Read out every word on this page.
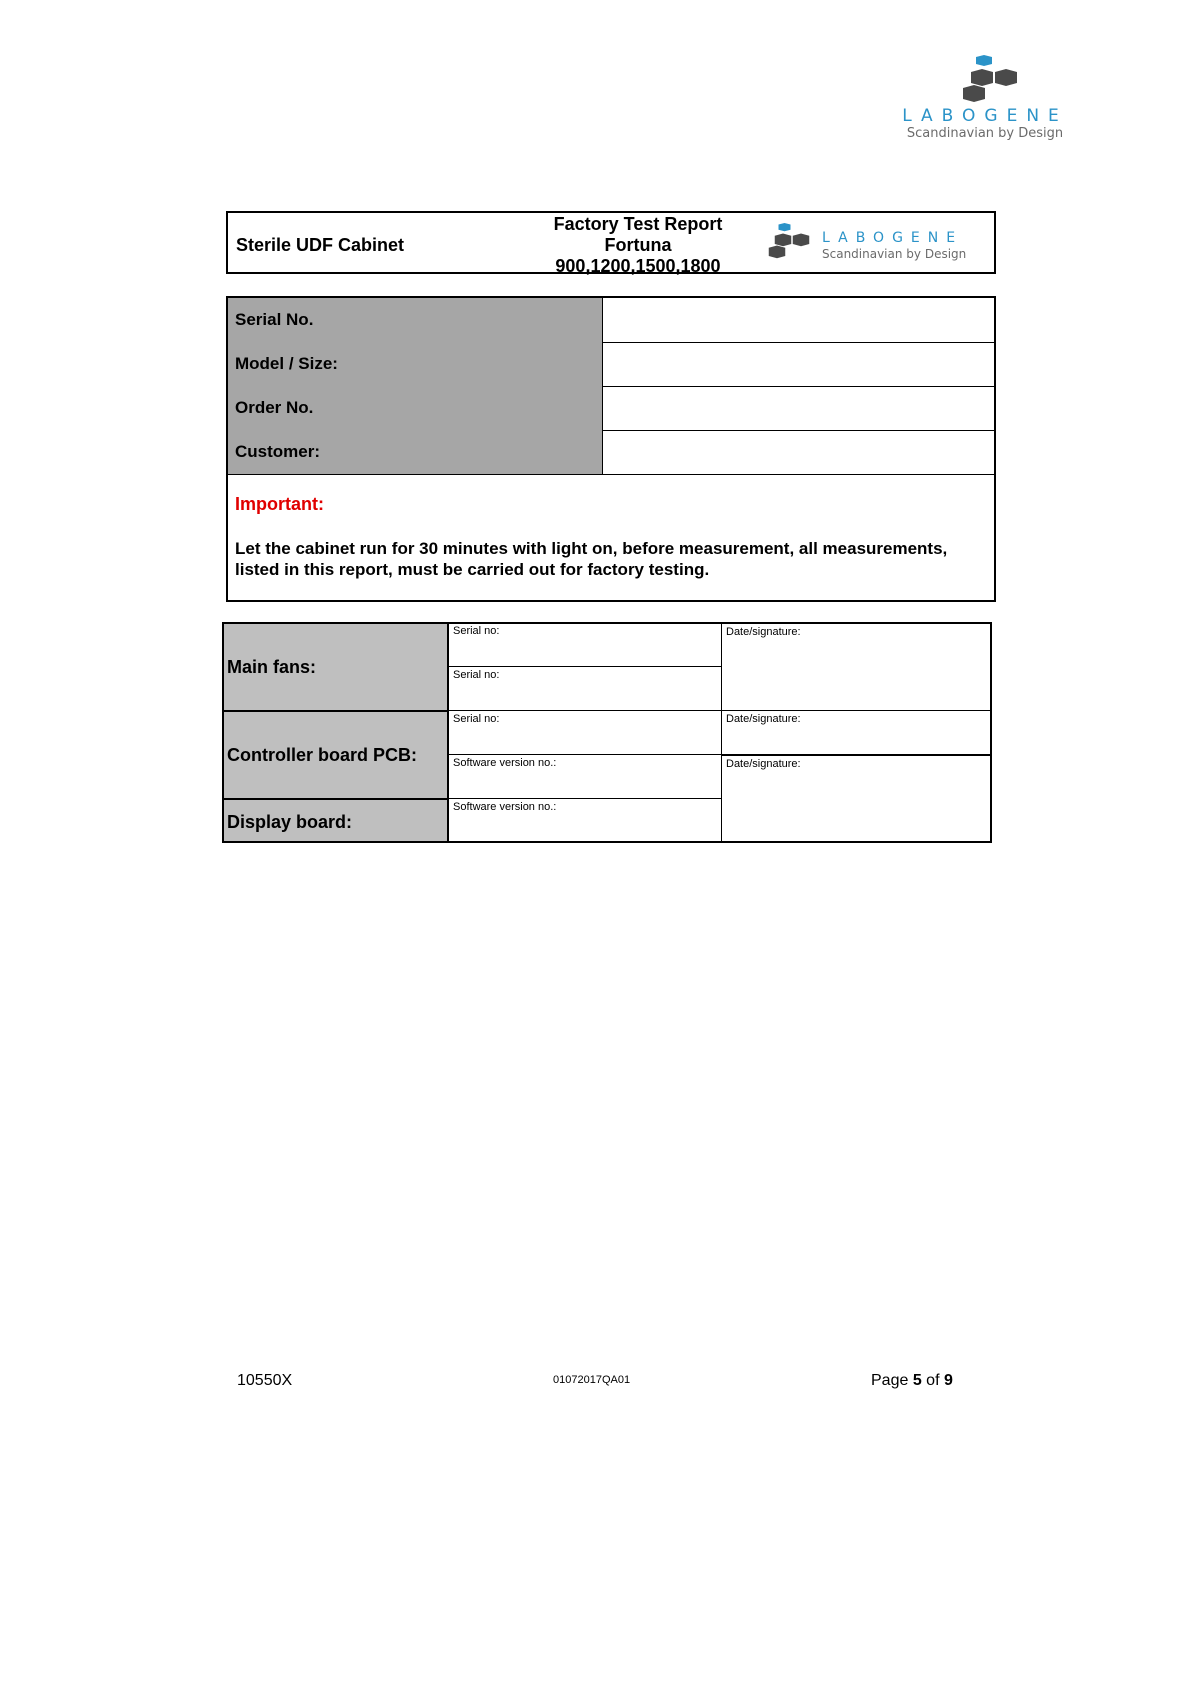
LABOGENE
Scandinavian by Design
Sterile UDF Cabinet
Factory Test Report
Fortuna
900,1200,1500,1800
LABOGENE
Scandinavian by Design
Serial No.
Model / Size:
Order No.
Customer:
Important:
Let the cabinet run for 30 minutes with light on, before measurement, all measurements, listed in this report, must be carried out for factory testing.
Main fans:
Controller board PCB:
Display board:
Serial no:
Serial no:
Serial no:
Software version no.:
Software version no.:
Date/signature:
Date/signature:
Date/signature:
10550X	01072017QA01	Page 5 of 9
